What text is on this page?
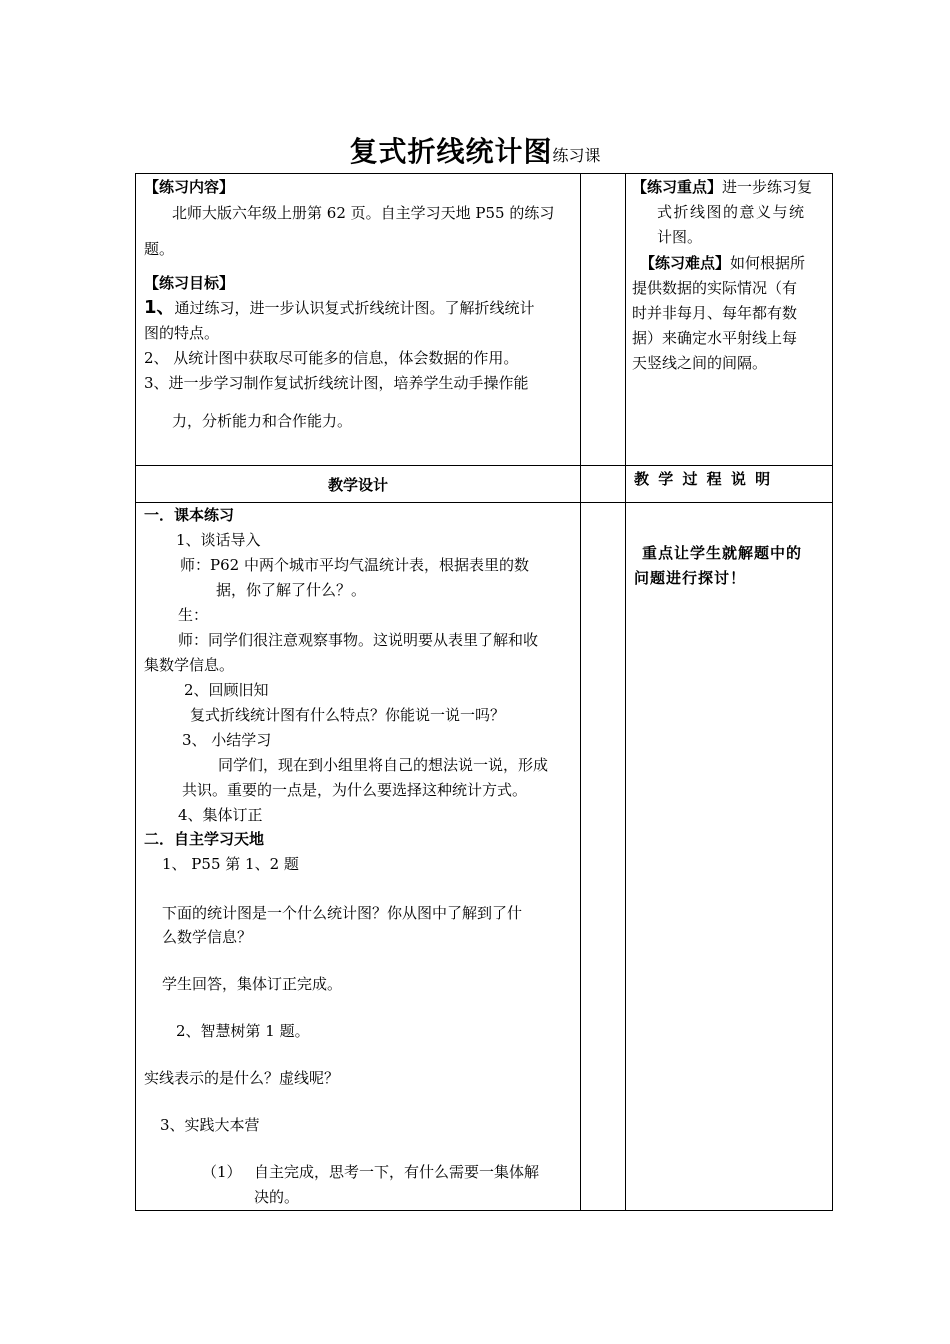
复式折线统计图练习课
【练习内容】
北师大版六年级上册第 62 页。自主学习天地 P55 的练习
题。
【练习目标】
1、通过练习，进一步认识复式折线统计图。了解折线统计
图的特点。
2、 从统计图中获取尽可能多的信息，体会数据的作用。
3、进一步学习制作复试折线统计图，培养学生动手操作能
力，分析能力和合作能力。
【练习重点】进一步练习复
式折线图的意义与统
计图。
【练习难点】如何根据所
提供数据的实际情况（有
时并非每月、每年都有数
据）来确定水平射线上每
天竖线之间的间隔。
教学设计	教 学 过 程 说 明
一．课本练习
1、谈话导入
师：P62 中两个城市平均气温统计表，根据表里的数
据，你了解了什么？。
生：
师：同学们很注意观察事物。这说明要从表里了解和收
集数学信息。
2、回顾旧知
复式折线统计图有什么特点？你能说一说一吗？
3、 小结学习
同学们，现在到小组里将自己的想法说一说，形成
共识。重要的一点是，为什么要选择这种统计方式。
4、集体订正
二．自主学习天地
1、 P55 第 1、2 题
下面的统计图是一个什么统计图？你从图中了解到了什
么数学信息？
学生回答，集体订正完成。
2、智慧树第 1 题。
实线表示的是什么？虚线呢？
3、实践大本营
（1） 自主完成，思考一下，有什么需要一集体解
决的。
重点让学生就解题中的
问题进行探讨！
